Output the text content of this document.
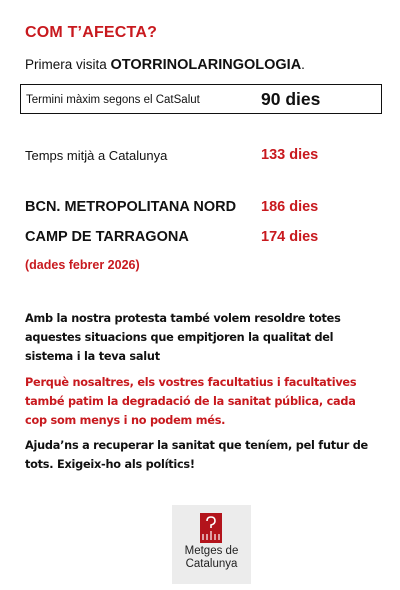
COM T’AFECTA?
Primera visita OTORRINOLARINGOLOGIA.
Termini màxim segons el CatSalut	90 dies
Temps mitjà a Catalunya	133 dies
BCN. METROPOLITANA NORD 186 dies
CAMP DE TARRAGONA	174 dies
(dades febrer 2026)
Amb la nostra protesta també volem resoldre totes aquestes situacions que empitjoren la qualitat del sistema i la teva salut
Perquè nosaltres, els vostres facultatius i facultatives també patim la degradació de la sanitat pública, cada cop som menys i no podem més.
Ajuda’ns a recuperar la sanitat que teníem, pel futur de tots. Exigeix-ho als polítics!
Metges de
Catalunya
